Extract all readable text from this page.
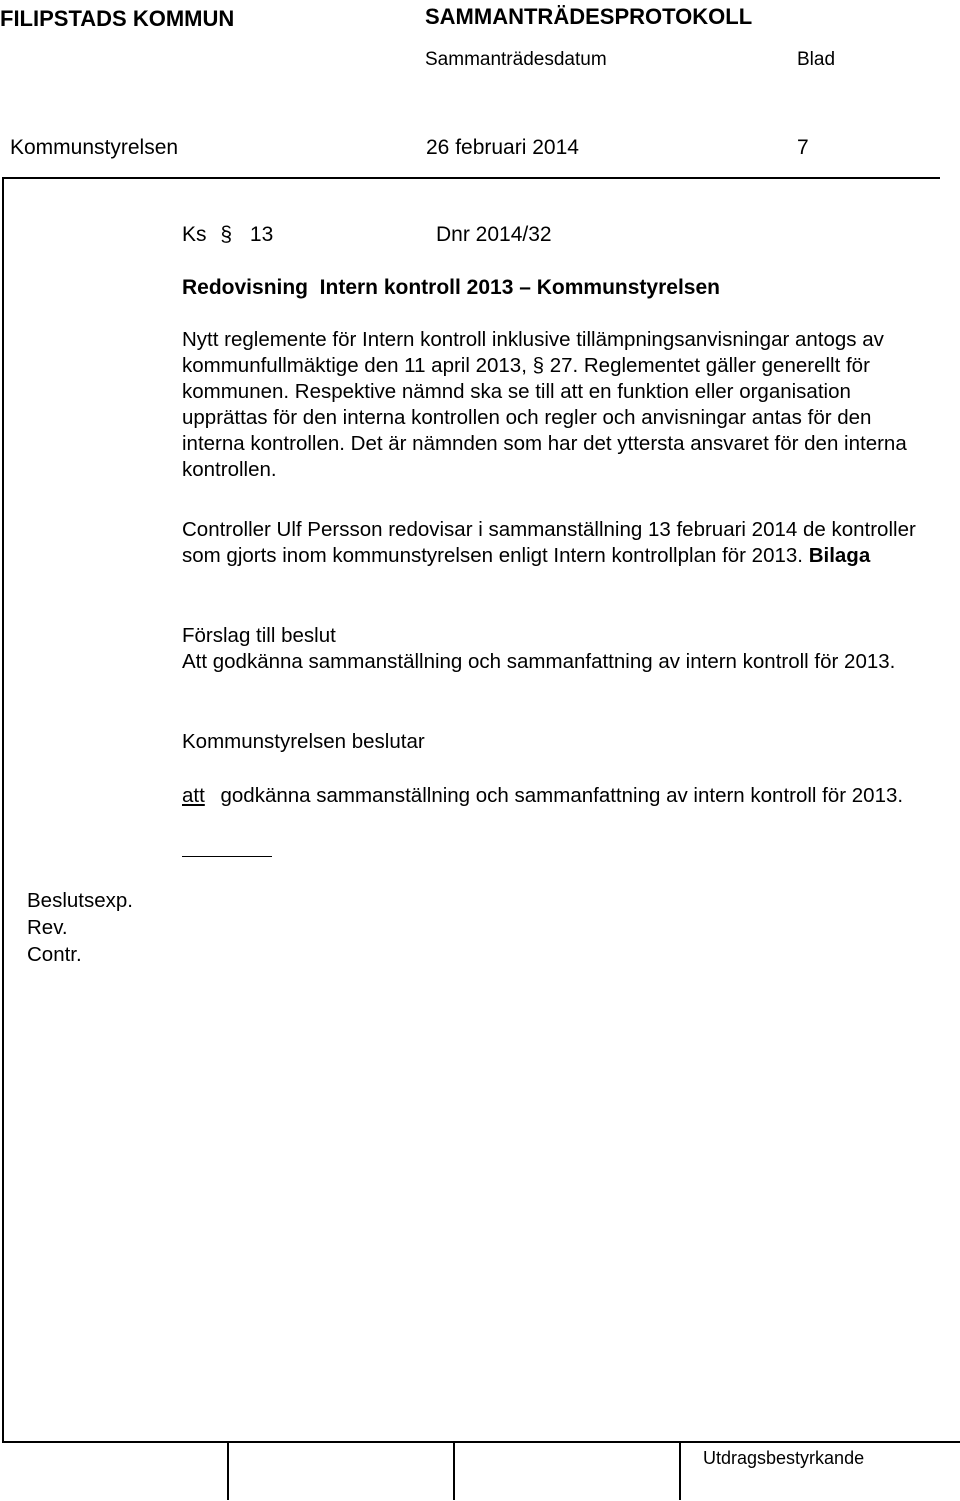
FILIPSTADS KOMMUN	SAMMANTRÄDESPROTOKOLL
Sammanträdesdatum	Blad
Kommunstyrelsen	26 februari 2014	7
Ks § 13	Dnr 2014/32
Redovisning  Intern kontroll 2013 – Kommunstyrelsen

Nytt reglemente för Intern kontroll inklusive tillämpningsanvisningar antogs av kommunfullmäktige den 11 april 2013, § 27. Reglementet gäller generellt för kommunen. Respektive nämnd ska se till att en funktion eller organisation upprättas för den interna kontrollen och regler och anvisningar antas för den interna kontrollen. Det är nämnden som har det yttersta ansvaret för den interna kontrollen.

Controller Ulf Persson redovisar i sammanställning 13 februari 2014 de kontroller som gjorts inom kommunstyrelsen enligt Intern kontrollplan för 2013. Bilaga

Förslag till beslut

Att godkänna sammanställning och sammanfattning av intern kontroll för 2013.

Kommunstyrelsen beslutar

att godkänna sammanställning och sammanfattning av intern kontroll för 2013.

Beslutsexp.
Rev.
Contr.
Utdragsbestyrkande
